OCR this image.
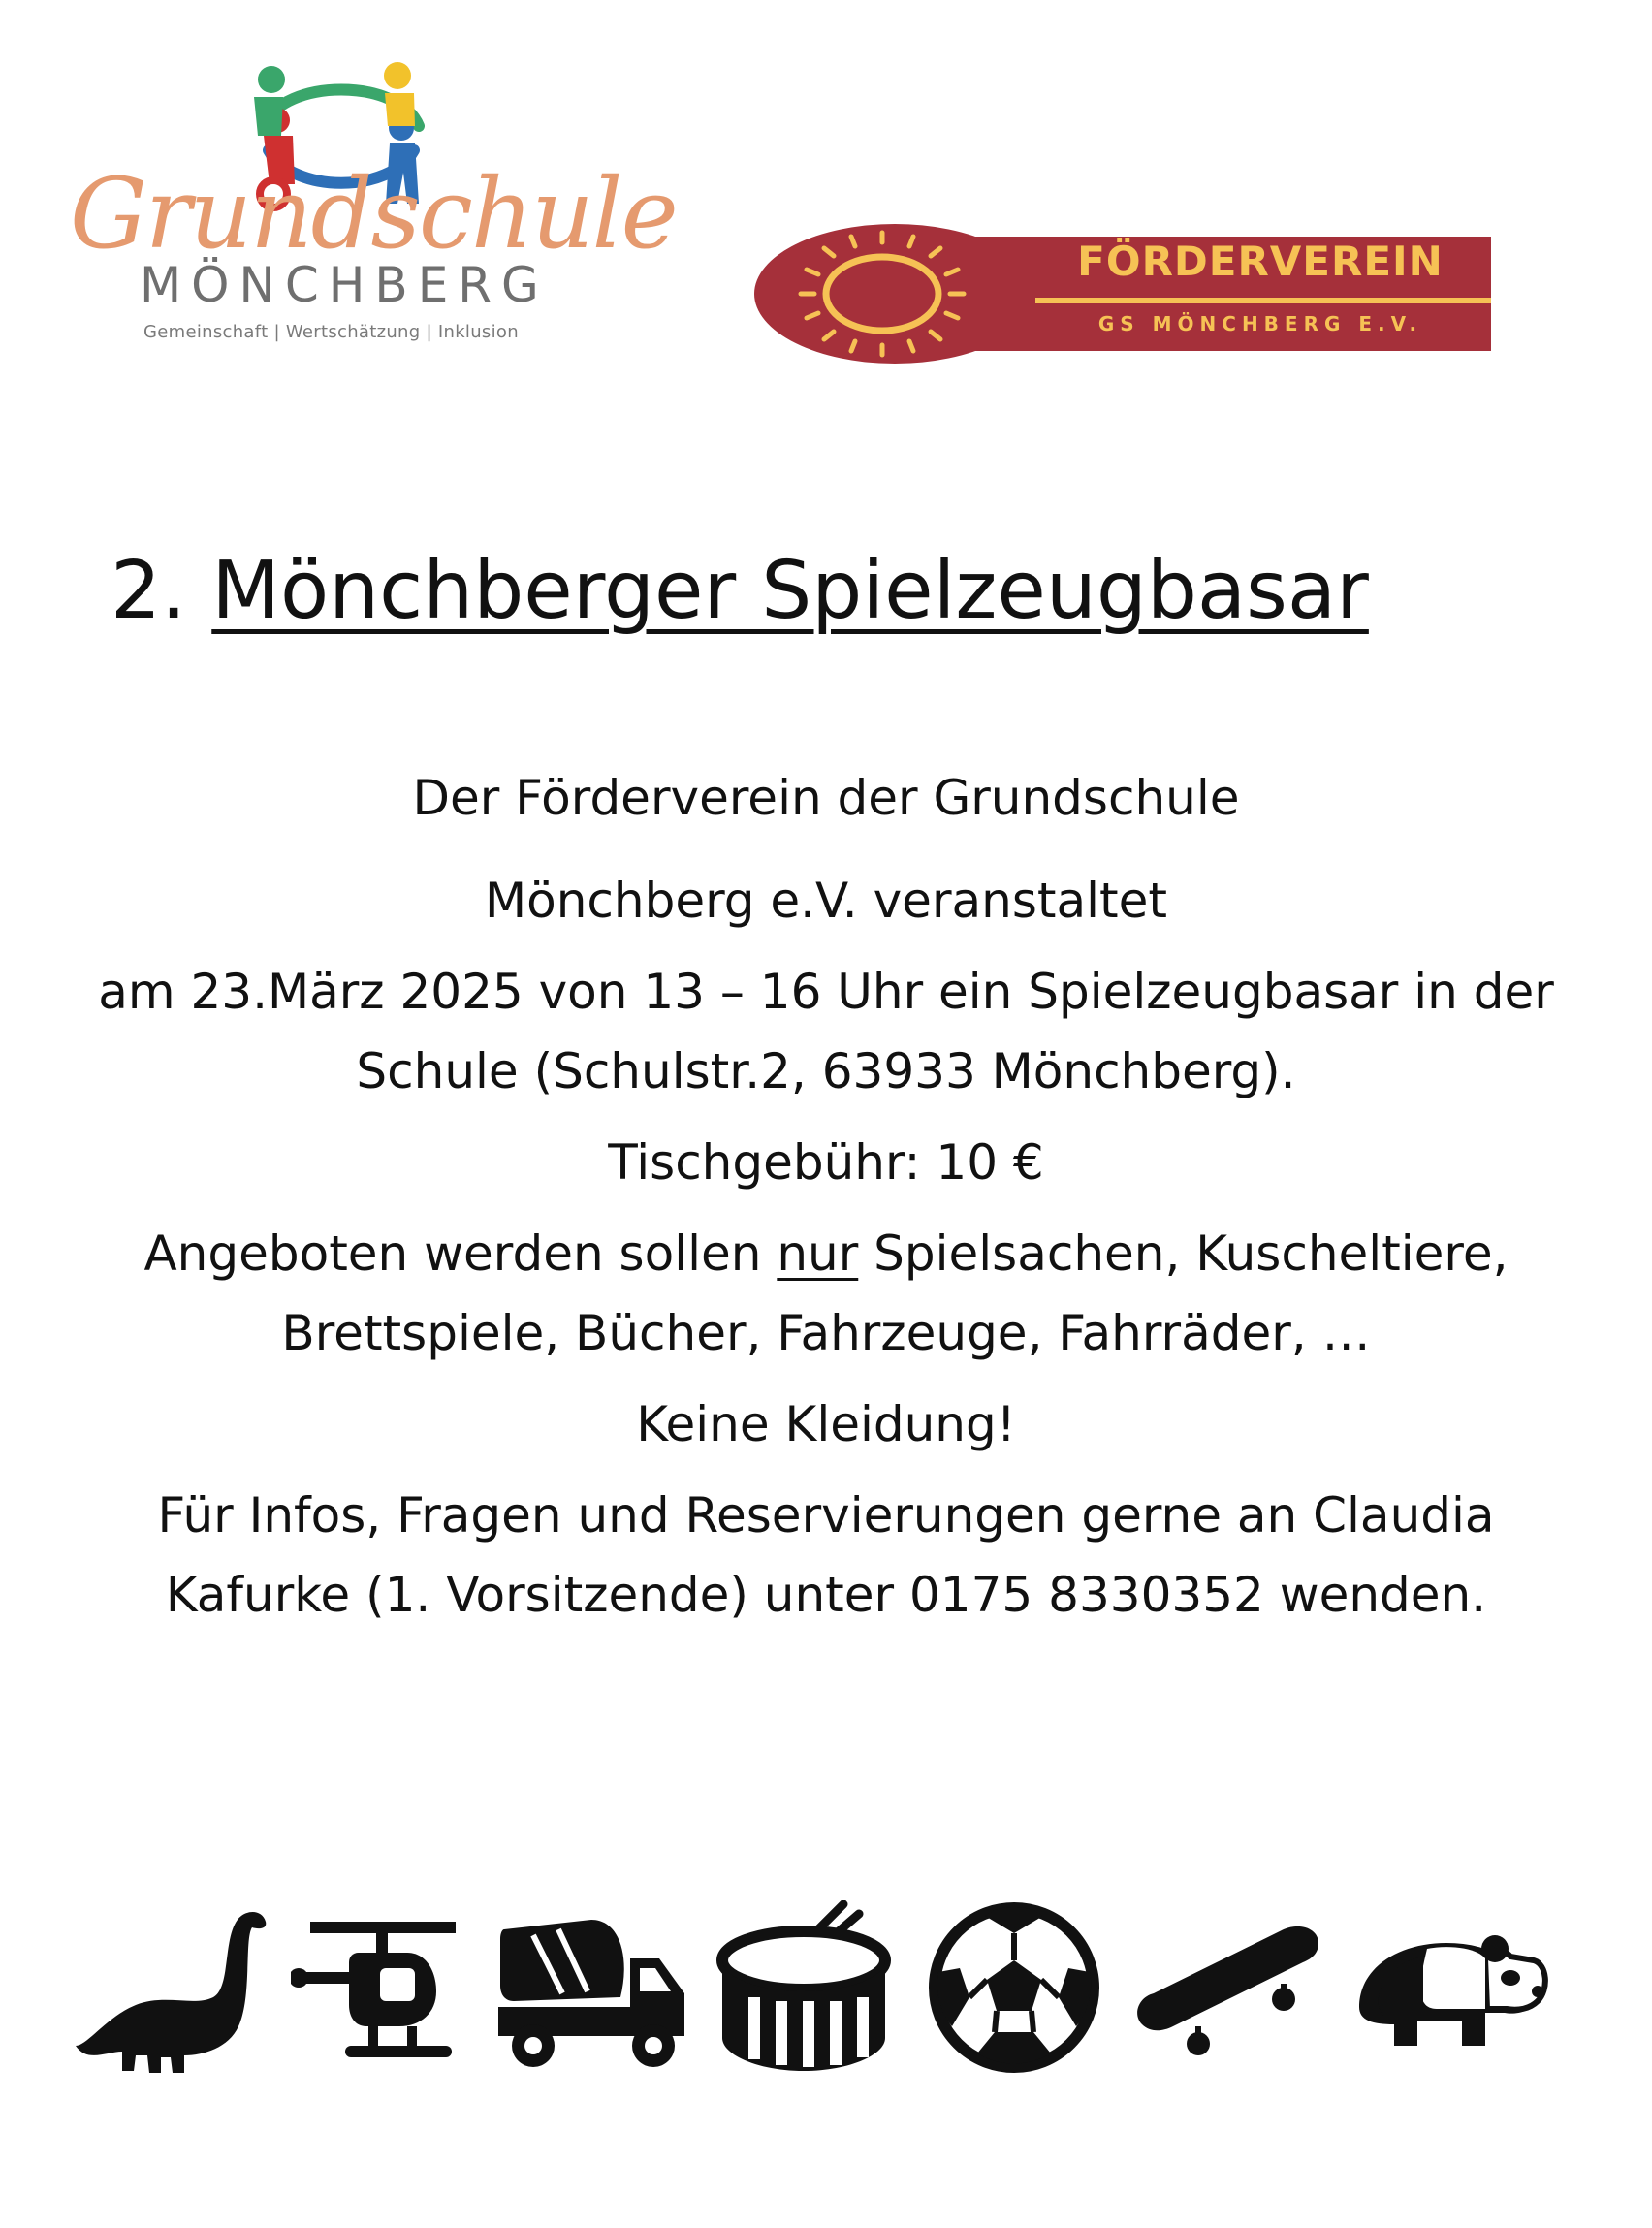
Grundschule
MÖNCHBERG
Gemeinschaft | Wertschätzung | Inklusion
FÖRDERVEREIN
GS MÖNCHBERG E.V.
2. Mönchberger Spielzeugbasar

Der Förderverein der Grundschule

Mönchberg e.V. veranstaltet

am 23.März 2025 von 13 – 16 Uhr ein Spielzeugbasar in der

Schule (Schulstr.2, 63933 Mönchberg).

Tischgebühr: 10 €

Angeboten werden sollen nur Spielsachen, Kuscheltiere,

Brettspiele, Bücher, Fahrzeuge, Fahrräder, …

Keine Kleidung!

Für Infos, Fragen und Reservierungen gerne an Claudia

Kafurke (1. Vorsitzende) unter 0175 8330352 wenden.
